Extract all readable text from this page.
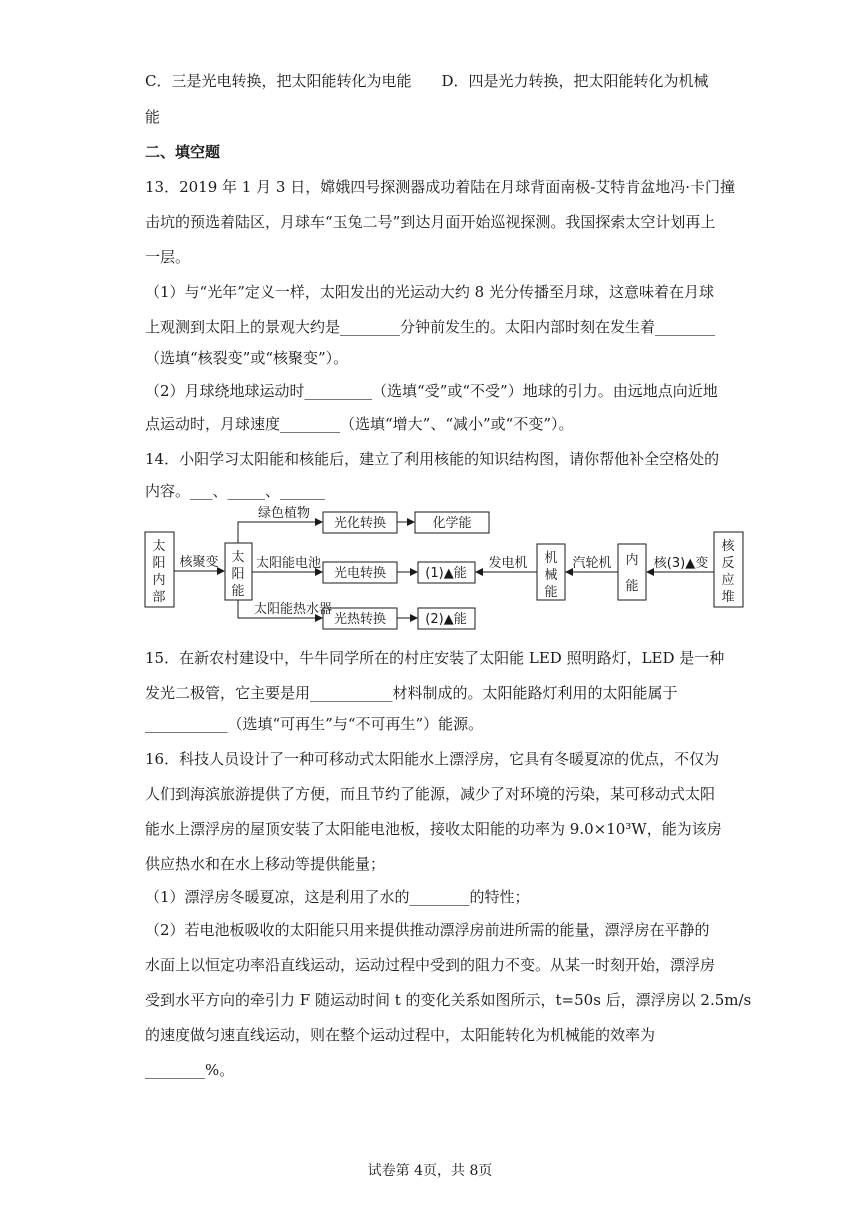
C．三是光电转换，把太阳能转化为电能　　D．四是光力转换，把太阳能转化为机械
能
二、填空题
13．2019 年 1 月 3 日，嫦娥四号探测器成功着陆在月球背面南极-艾特肯盆地冯·卡门撞
击坑的预选着陆区，月球车“玉兔二号”到达月面开始巡视探测。我国探索太空计划再上
一层。
（1）与“光年”定义一样，太阳发出的光运动大约 8 光分传播至月球，这意味着在月球
上观测到太阳上的景观大约是________分钟前发生的。太阳内部时刻在发生着________
（选填“核裂变”或“核聚变”）。
（2）月球绕地球运动时_________（选填“受”或“不受”）地球的引力。由远地点向近地
点运动时，月球速度________（选填“增大”、“减小”或“不变”）。
14．小阳学习太阳能和核能后，建立了利用核能的知识结构图，请你帮他补全空格处的
内容。___、_____、______
太
阳
内
部
核聚变 太
阳
能
绿色植物
光化转换	化学能
太阳能电池
光电转换	(1)▲能
发电机 机
械
能
汽轮机 内
能
核(3)▲变
核
反
应
堆
太阳能热水器
光热转换	(2)▲能
15．在新农村建设中，牛牛同学所在的村庄安装了太阳能 LED 照明路灯，LED 是一种
发光二极管，它主要是用___________材料制成的。太阳能路灯利用的太阳能属于
___________（选填“可再生”与“不可再生”）能源。
16．科技人员设计了一种可移动式太阳能水上漂浮房，它具有冬暖夏凉的优点，不仅为
人们到海滨旅游提供了方便，而且节约了能源，减少了对环境的污染，某可移动式太阳
能水上漂浮房的屋顶安装了太阳能电池板，接收太阳能的功率为 9.0×10³W，能为该房
供应热水和在水上移动等提供能量；
（1）漂浮房冬暖夏凉，这是利用了水的________的特性；
（2）若电池板吸收的太阳能只用来提供推动漂浮房前进所需的能量，漂浮房在平静的
水面上以恒定功率沿直线运动，运动过程中受到的阻力不变。从某一时刻开始，漂浮房
受到水平方向的牵引力 F 随运动时间 t 的变化关系如图所示，t=50s 后，漂浮房以 2.5m/s
的速度做匀速直线运动，则在整个运动过程中，太阳能转化为机械能的效率为
________%。
试卷第 4页，共 8页
